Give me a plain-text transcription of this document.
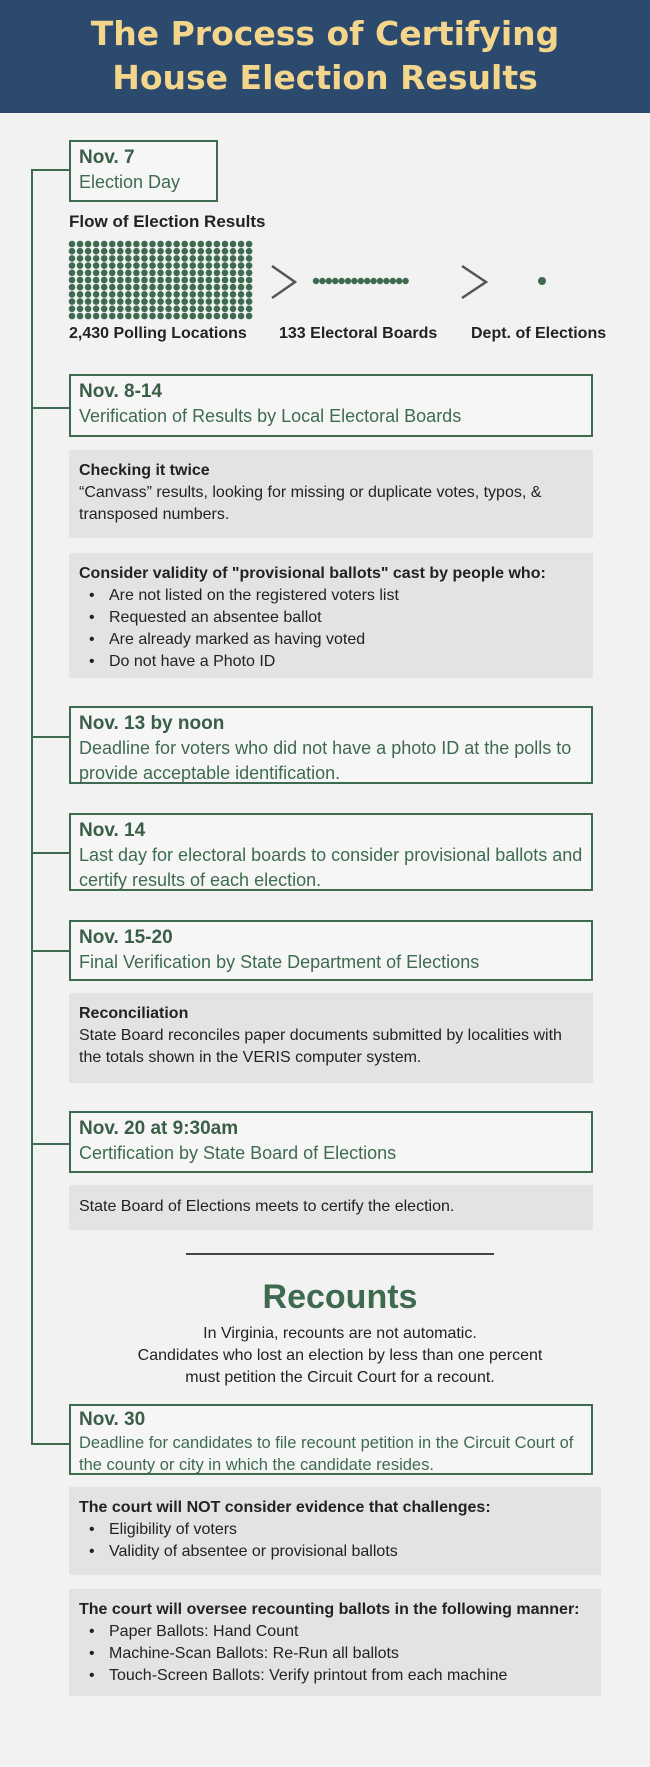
The Process of Certifying
House Election Results
Nov. 7
Election Day
Flow of Election Results
2,430 Polling Locations 133 Electoral Boards Dept. of Elections
Nov. 8-14
Verification of Results by Local Electoral Boards
Checking it twice
“Canvass” results, looking for missing or duplicate votes, typos, & transposed numbers.
Consider validity of "provisional ballots" cast by people who:
• Are not listed on the registered voters list
• Requested an absentee ballot
• Are already marked as having voted
• Do not have a Photo ID
Nov. 13 by noon
Deadline for voters who did not have a photo ID at the polls to provide acceptable identification.
Nov. 14
Last day for electoral boards to consider provisional ballots and certify results of each election.
Nov. 15-20
Final Verification by State Department of Elections
Reconciliation
State Board reconciles paper documents submitted by localities with the totals shown in the VERIS computer system.
Nov. 20 at 9:30am
Certification by State Board of Elections
State Board of Elections meets to certify the election.
Recounts
In Virginia, recounts are not automatic.
Candidates who lost an election by less than one percent
must petition the Circuit Court for a recount.
Nov. 30
Deadline for candidates to file recount petition in the Circuit Court of the county or city in which the candidate resides.
The court will NOT consider evidence that challenges:
• Eligibility of voters
• Validity of absentee or provisional ballots
The court will oversee recounting ballots in the following manner:
• Paper Ballots: Hand Count
• Machine-Scan Ballots: Re-Run all ballots
• Touch-Screen Ballots: Verify printout from each machine
